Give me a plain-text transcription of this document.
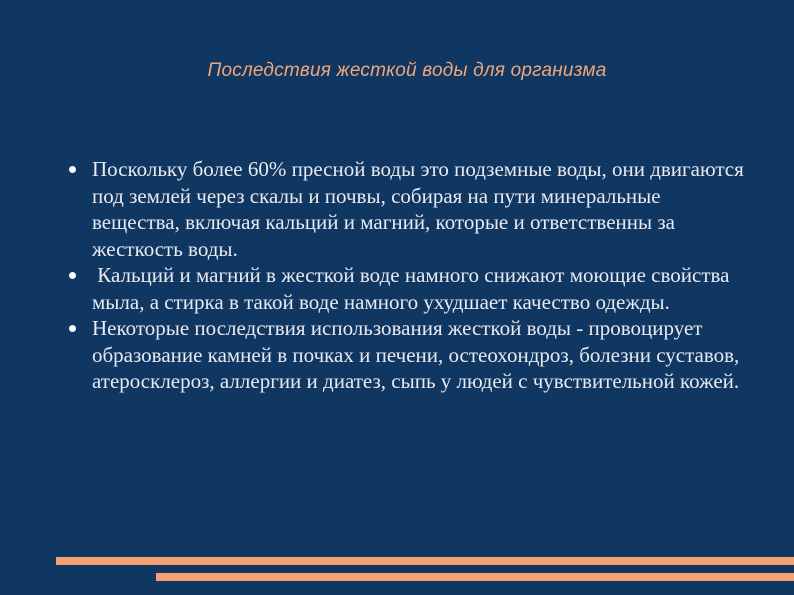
Последствия жесткой воды для организма
Поскольку более 60% пресной воды это подземные воды, они двигаются под землей через скалы и почвы, собирая на пути минеральные вещества, включая кальций и магний, которые и ответственны за жесткость воды.
Кальций и магний в жесткой воде намного снижают моющие свойства мыла, а стирка в такой воде намного ухудшает качество одежды.
Некоторые последствия использования жесткой воды - провоцирует образование камней в почках и печени, остеохондроз, болезни суставов, атеросклероз, аллергии и диатез, сыпь у людей с чувствительной кожей.
